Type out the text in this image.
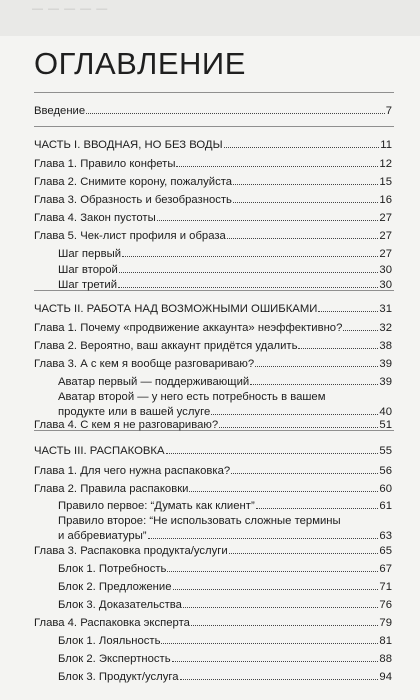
— — — — —
ОГЛАВЛЕНИЕ
Введение	7
ЧАСТЬ I. ВВОДНАЯ, НО БЕЗ ВОДЫ	11
Глава 1. Правило конфеты	12
Глава 2. Снимите корону, пожалуйста	15
Глава 3. Образность и безобразность	16
Глава 4. Закон пустоты	27
Глава 5. Чек-лист профиля и образа	27
Шаг первый	27
Шаг второй	30
Шаг третий	30
ЧАСТЬ II. РАБОТА НАД ВОЗМОЖНЫМИ ОШИБКАМИ	31
Глава 1. Почему «продвижение аккаунта» неэффективно?	32
Глава 2. Вероятно, ваш аккаунт придётся удалить	38
Глава 3. А с кем я вообще разговариваю?	39
Аватар первый — поддерживающий	39
Аватар второй — у него есть потребность в вашем
продукте или в вашей услуге	40
Глава 4. С кем я не разговариваю?	51
ЧАСТЬ III. РАСПАКОВКА	55
Глава 1. Для чего нужна распаковка?	56
Глава 2. Правила распаковки	60
Правило первое: “Думать как клиент”	61
Правило второе: “Не использовать сложные термины
и аббревиатуры”	63
Глава 3. Распаковка продукта/услуги	65
Блок 1. Потребность	67
Блок 2. Предложение	71
Блок 3. Доказательства	76
Глава 4. Распаковка эксперта	79
Блок 1. Лояльность	81
Блок 2. Экспертность	88
Блок 3. Продукт/услуга	94
